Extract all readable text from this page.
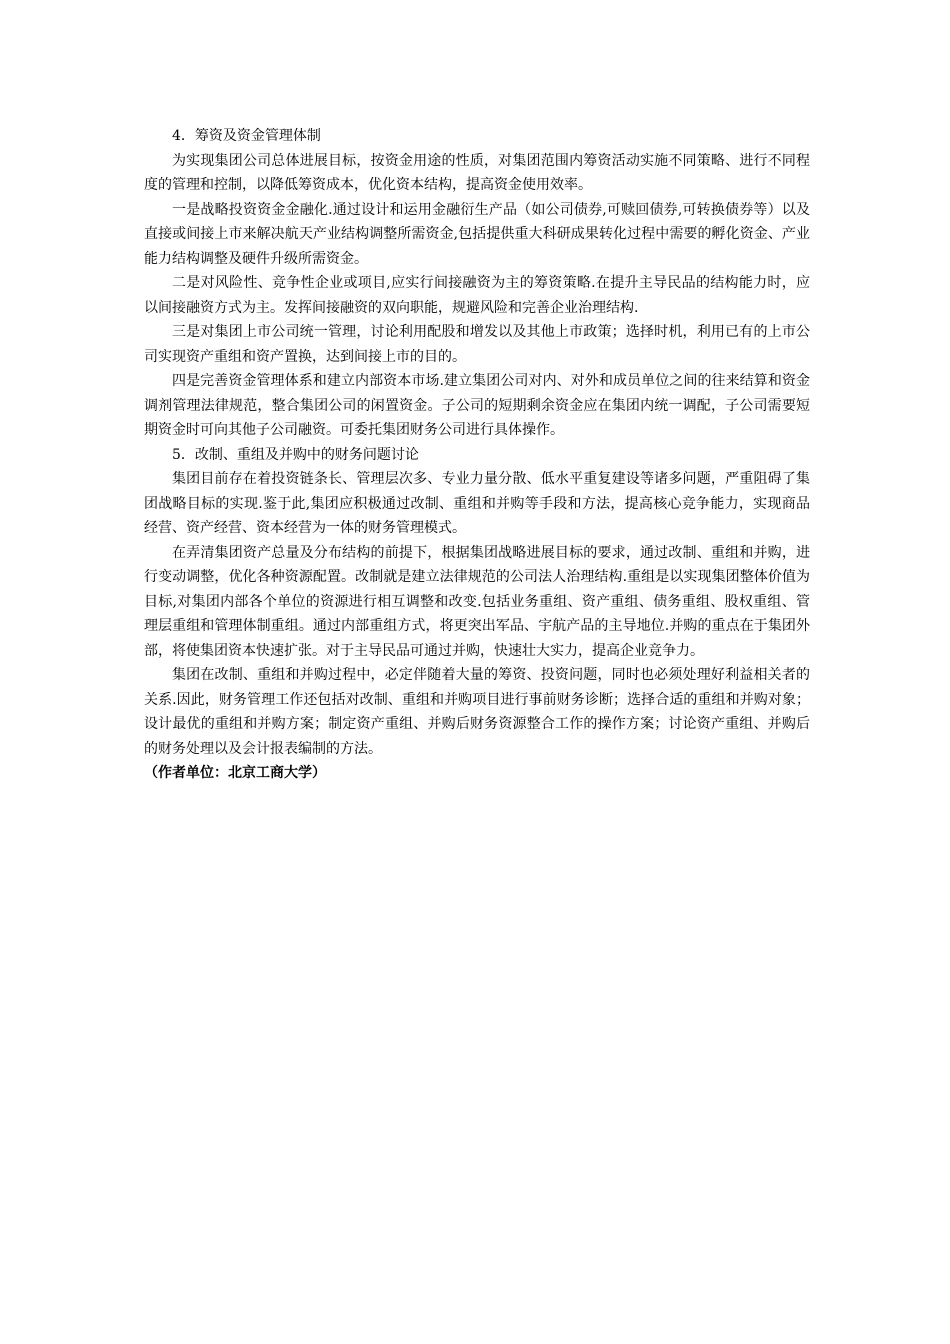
4．筹资及资金管理体制

为实现集团公司总体进展目标，按资金用途的性质，对集团范围内筹资活动实施不同策略、进行不同程度的管理和控制，以降低筹资成本，优化资本结构，提高资金使用效率。

一是战略投资资金金融化.通过设计和运用金融衍生产品（如公司债券,可赎回债券,可转换债券等）以及直接或间接上市来解决航天产业结构调整所需资金,包括提供重大科研成果转化过程中需要的孵化资金、产业能力结构调整及硬件升级所需资金。

二是对风险性、竞争性企业或项目,应实行间接融资为主的筹资策略.在提升主导民品的结构能力时，应以间接融资方式为主。发挥间接融资的双向职能，规避风险和完善企业治理结构.

三是对集团上市公司统一管理，讨论利用配股和增发以及其他上市政策；选择时机，利用已有的上市公司实现资产重组和资产置换，达到间接上市的目的。

四是完善资金管理体系和建立内部资本市场.建立集团公司对内、对外和成员单位之间的往来结算和资金调剂管理法律规范，整合集团公司的闲置资金。子公司的短期剩余资金应在集团内统一调配，子公司需要短期资金时可向其他子公司融资。可委托集团财务公司进行具体操作。

5．改制、重组及并购中的财务问题讨论

集团目前存在着投资链条长、管理层次多、专业力量分散、低水平重复建设等诸多问题，严重阻碍了集团战略目标的实现.鉴于此,集团应积极通过改制、重组和并购等手段和方法，提高核心竞争能力，实现商品经营、资产经营、资本经营为一体的财务管理模式。

在弄清集团资产总量及分布结构的前提下，根据集团战略进展目标的要求，通过改制、重组和并购，进行变动调整，优化各种资源配置。改制就是建立法律规范的公司法人治理结构.重组是以实现集团整体价值为目标,对集团内部各个单位的资源进行相互调整和改变.包括业务重组、资产重组、债务重组、股权重组、管理层重组和管理体制重组。通过内部重组方式，将更突出军品、宇航产品的主导地位.并购的重点在于集团外部，将使集团资本快速扩张。对于主导民品可通过并购，快速壮大实力，提高企业竞争力。

集团在改制、重组和并购过程中，必定伴随着大量的筹资、投资问题，同时也必须处理好利益相关者的关系.因此，财务管理工作还包括对改制、重组和并购项目进行事前财务诊断；选择合适的重组和并购对象；设计最优的重组和并购方案；制定资产重组、并购后财务资源整合工作的操作方案；讨论资产重组、并购后的财务处理以及会计报表编制的方法。

（作者单位：北京工商大学）
